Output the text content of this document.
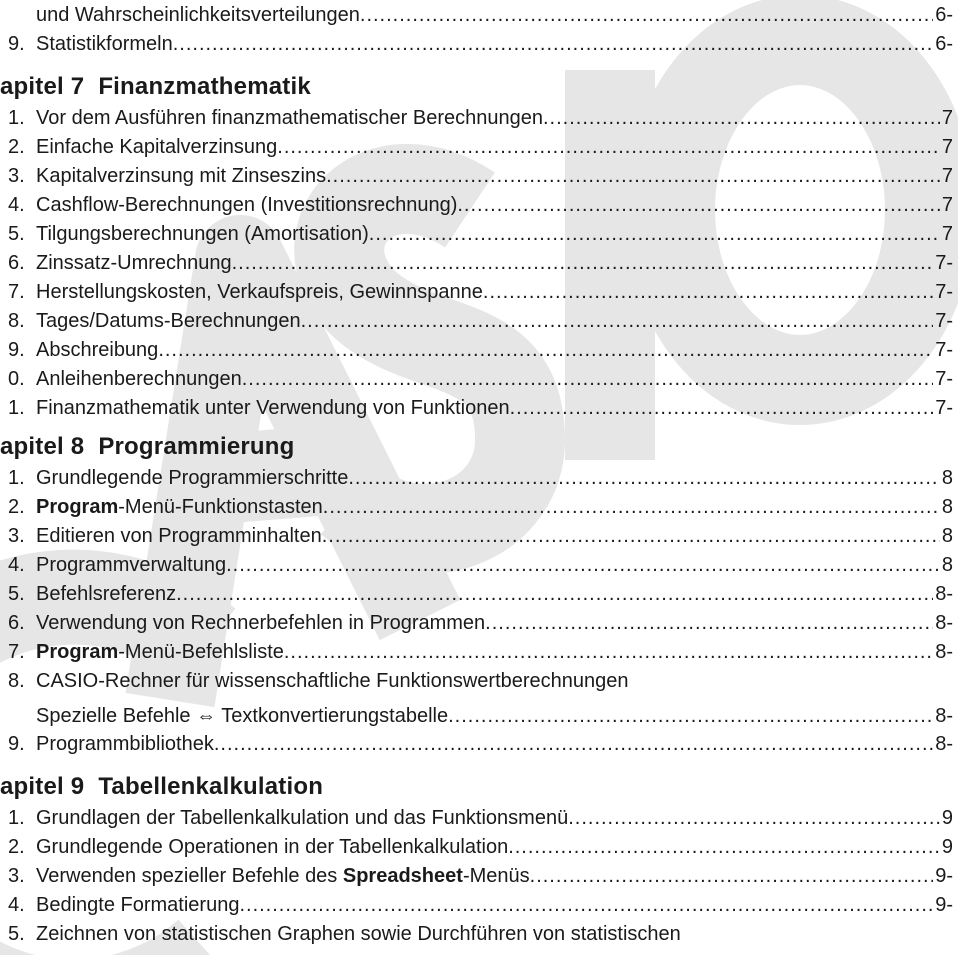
und Wahrscheinlichkeitsverteilungen .....	6-
9. Statistikformeln .....	6-
apitel 7 Finanzmathematik
1. Vor dem Ausführen finanzmathematischer Berechnungen .....	7
2. Einfache Kapitalverzinsung .....	7
3. Kapitalverzinsung mit Zinseszins .....	7
4. Cashflow-Berechnungen (Investitionsrechnung) .....	7
5. Tilgungsberechnungen (Amortisation) .....	7
6. Zinssatz-Umrechnung .....	7-
7. Herstellungskosten, Verkaufspreis, Gewinnspanne .....	7-
8. Tages/Datums-Berechnungen .....	7-
9. Abschreibung .....	7-
0. Anleihenberechnungen .....	7-
1. Finanzmathematik unter Verwendung von Funktionen .....	7-
apitel 8 Programmierung
1. Grundlegende Programmierschritte .....	8
2. Program-Menü-Funktionstasten .....	8
3. Editieren von Programminhalten .....	8
4. Programmverwaltung .....	8
5. Befehlsreferenz .....	8-
6. Verwendung von Rechnerbefehlen in Programmen .....	8-
7. Program-Menü-Befehlsliste .....	8-
8. CASIO-Rechner für wissenschaftliche Funktionswertberechnungen
Spezielle Befehle ⇔ Textkonvertierungstabelle .....	8-
9. Programmbibliothek .....	8-
apitel 9 Tabellenkalkulation
1. Grundlagen der Tabellenkalkulation und das Funktionsmenü .....	9
2. Grundlegende Operationen in der Tabellenkalkulation .....	9
3. Verwenden spezieller Befehle des Spreadsheet-Menüs .....	9-
4. Bedingte Formatierung .....	9-
5. Zeichnen von statistischen Graphen sowie Durchführen von statistischen
